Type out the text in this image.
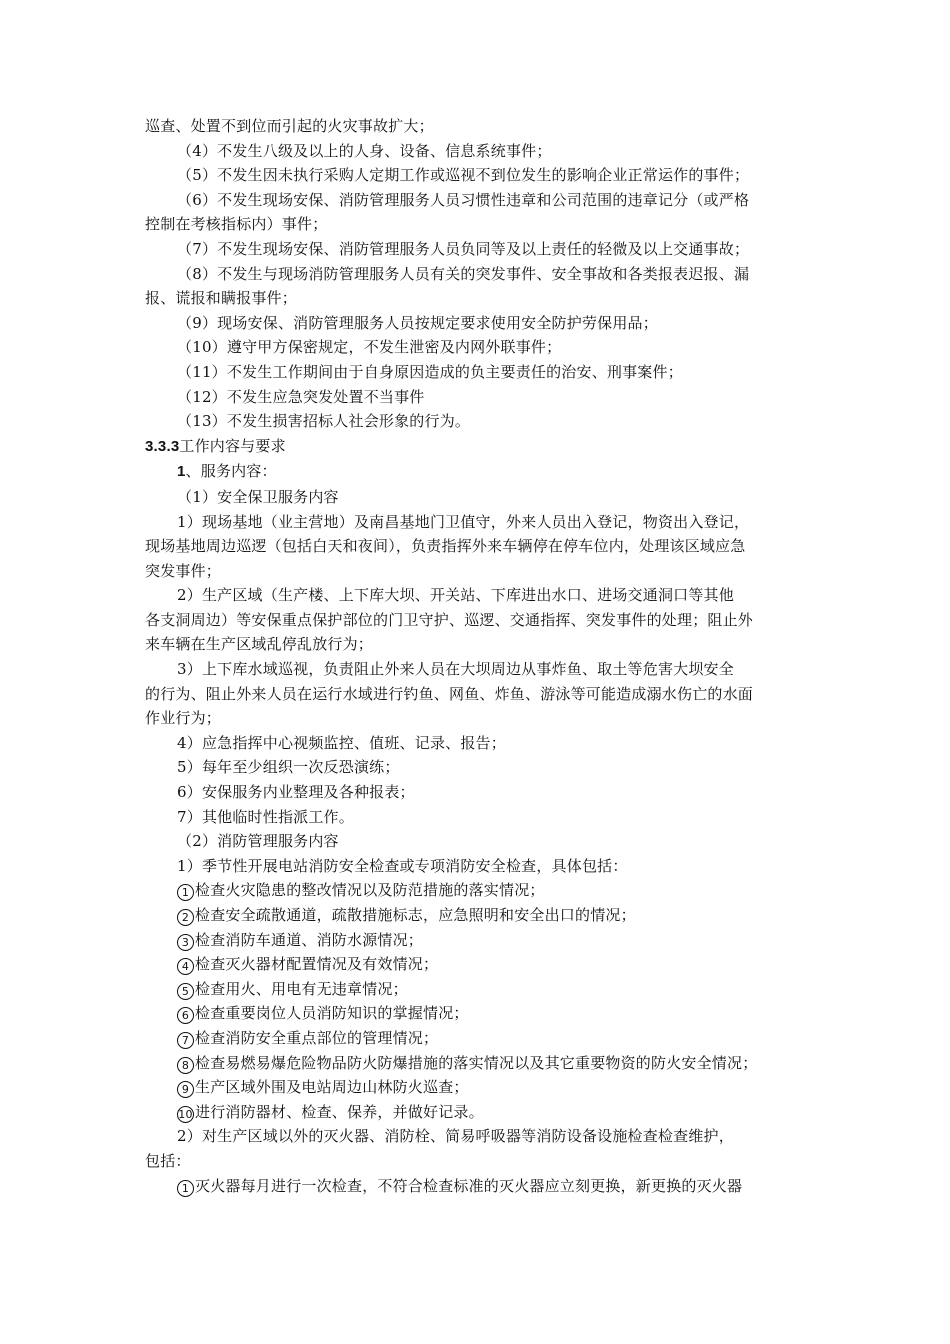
巡查、处置不到位而引起的火灾事故扩大；
（4）不发生八级及以上的人身、设备、信息系统事件；
（5）不发生因未执行采购人定期工作或巡视不到位发生的影响企业正常运作的事件；
（6）不发生现场安保、消防管理服务人员习惯性违章和公司范围的违章记分（或严格
控制在考核指标内）事件；
（7）不发生现场安保、消防管理服务人员负同等及以上责任的轻微及以上交通事故；
（8）不发生与现场消防管理服务人员有关的突发事件、安全事故和各类报表迟报、漏
报、谎报和瞒报事件；
（9）现场安保、消防管理服务人员按规定要求使用安全防护劳保用品；
（10）遵守甲方保密规定，不发生泄密及内网外联事件；
（11）不发生工作期间由于自身原因造成的负主要责任的治安、刑事案件；
（12）不发生应急突发处置不当事件
（13）不发生损害招标人社会形象的行为。
3.3.3工作内容与要求
1、服务内容：
（1）安全保卫服务内容
1）现场基地（业主营地）及南昌基地门卫值守，外来人员出入登记，物资出入登记，
现场基地周边巡逻（包括白天和夜间），负责指挥外来车辆停在停车位内，处理该区域应急
突发事件；
2）生产区域（生产楼、上下库大坝、开关站、下库进出水口、进场交通洞口等其他
各支洞周边）等安保重点保护部位的门卫守护、巡逻、交通指挥、突发事件的处理；阻止外
来车辆在生产区域乱停乱放行为；
3）上下库水域巡视，负责阻止外来人员在大坝周边从事炸鱼、取土等危害大坝安全
的行为、阻止外来人员在运行水域进行钓鱼、网鱼、炸鱼、游泳等可能造成溺水伤亡的水面
作业行为；
4）应急指挥中心视频监控、值班、记录、报告；
5）每年至少组织一次反恐演练；
6）安保服务内业整理及各种报表；
7）其他临时性指派工作。
（2）消防管理服务内容
1）季节性开展电站消防安全检查或专项消防安全检查，具体包括：
1 检查火灾隐患的整改情况以及防范措施的落实情况；
2 检查安全疏散通道，疏散措施标志，应急照明和安全出口的情况；
3 检查消防车通道、消防水源情况；
4 检查灭火器材配置情况及有效情况；
5 检查用火、用电有无违章情况；
6 检查重要岗位人员消防知识的掌握情况；
7 检查消防安全重点部位的管理情况；
8 检查易燃易爆危险物品防火防爆措施的落实情况以及其它重要物资的防火安全情况；
9 生产区域外围及电站周边山林防火巡查；
10 进行消防器材、检查、保养，并做好记录。
2）对生产区域以外的灭火器、消防栓、简易呼吸器等消防设备设施检查检查维护，
包括：
1 灭火器每月进行一次检查，不符合检查标准的灭火器应立刻更换，新更换的灭火器
